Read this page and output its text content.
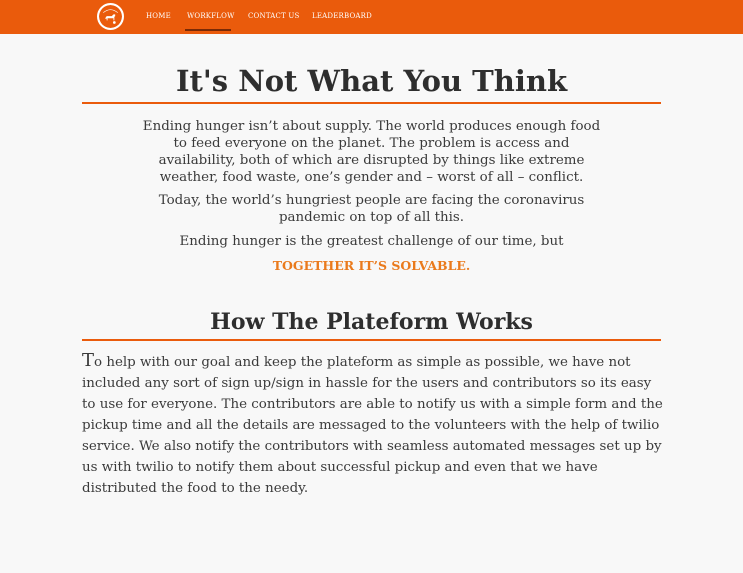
HOME WORKFLOW CONTACT US LEADERBOARD
It's Not What You Think

Ending hunger isn’t about supply. The world produces enough food to feed everyone on the planet. The problem is access and availability, both of which are disrupted by things like extreme weather, food waste, one’s gender and – worst of all – conflict.

Today, the world’s hungriest people are facing the coronavirus pandemic on top of all this.

Ending hunger is the greatest challenge of our time, but

TOGETHER IT’S SOLVABLE.

How The Plateform Works

To help with our goal and keep the plateform as simple as possible, we have not included any sort of sign up/sign in hassle for the users and contributors so its easy to use for everyone. The contributors are able to notify us with a simple form and the pickup time and all the details are messaged to the volunteers with the help of twilio service. We also notify the contributors with seamless automated messages set up by us with twilio to notify them about successful pickup and even that we have distributed the food to the needy.
